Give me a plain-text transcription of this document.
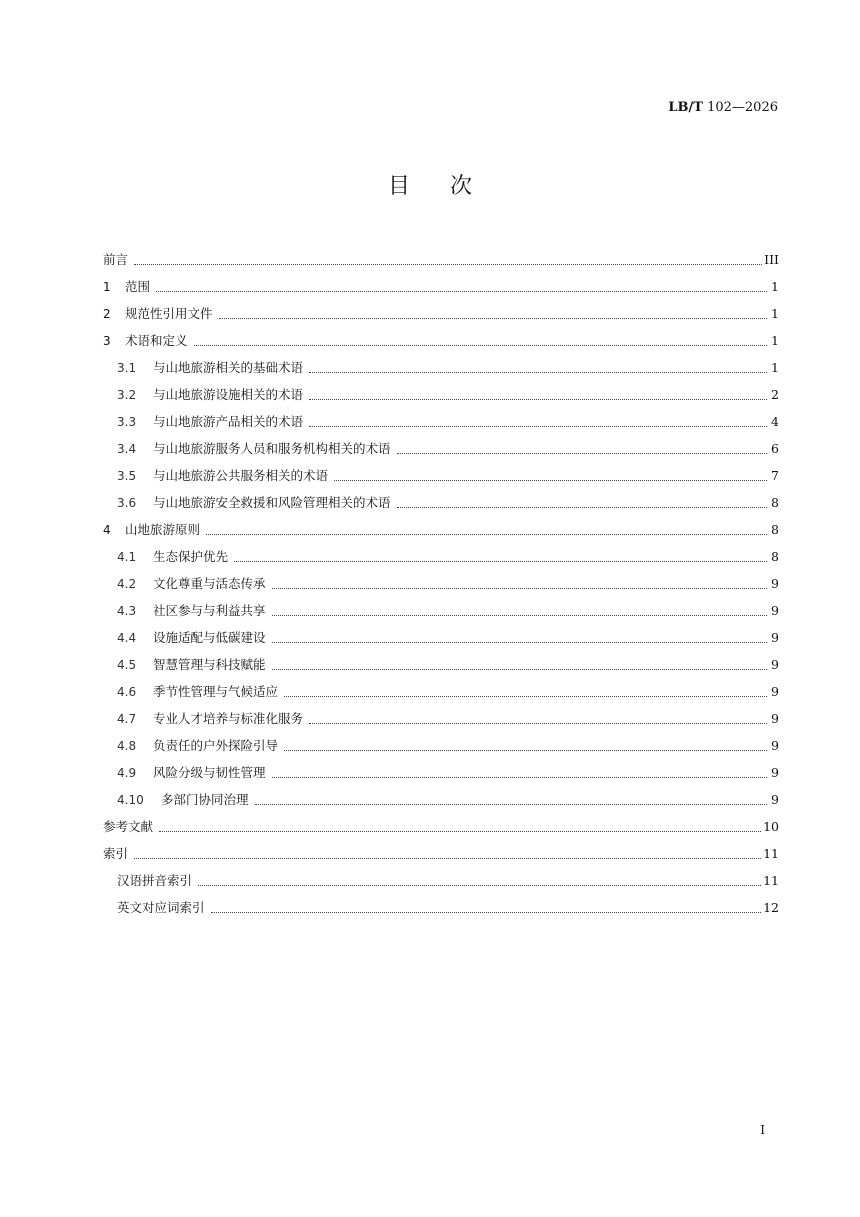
LB/T 102—2026
目 次
前言	III
1	范围	1
2	规范性引用文件	1
3	术语和定义	1
3.1	与山地旅游相关的基础术语	1
3.2	与山地旅游设施相关的术语	2
3.3	与山地旅游产品相关的术语	4
3.4	与山地旅游服务人员和服务机构相关的术语	6
3.5	与山地旅游公共服务相关的术语	7
3.6	与山地旅游安全救援和风险管理相关的术语	8
4	山地旅游原则	8
4.1	生态保护优先	8
4.2	文化尊重与活态传承	9
4.3	社区参与与利益共享	9
4.4	设施适配与低碳建设	9
4.5	智慧管理与科技赋能	9
4.6	季节性管理与气候适应	9
4.7	专业人才培养与标准化服务	9
4.8	负责任的户外探险引导	9
4.9	风险分级与韧性管理	9
4.10	多部门协同治理	9
参考文献	10
索引	11
汉语拼音索引	11
英文对应词索引	12
I
